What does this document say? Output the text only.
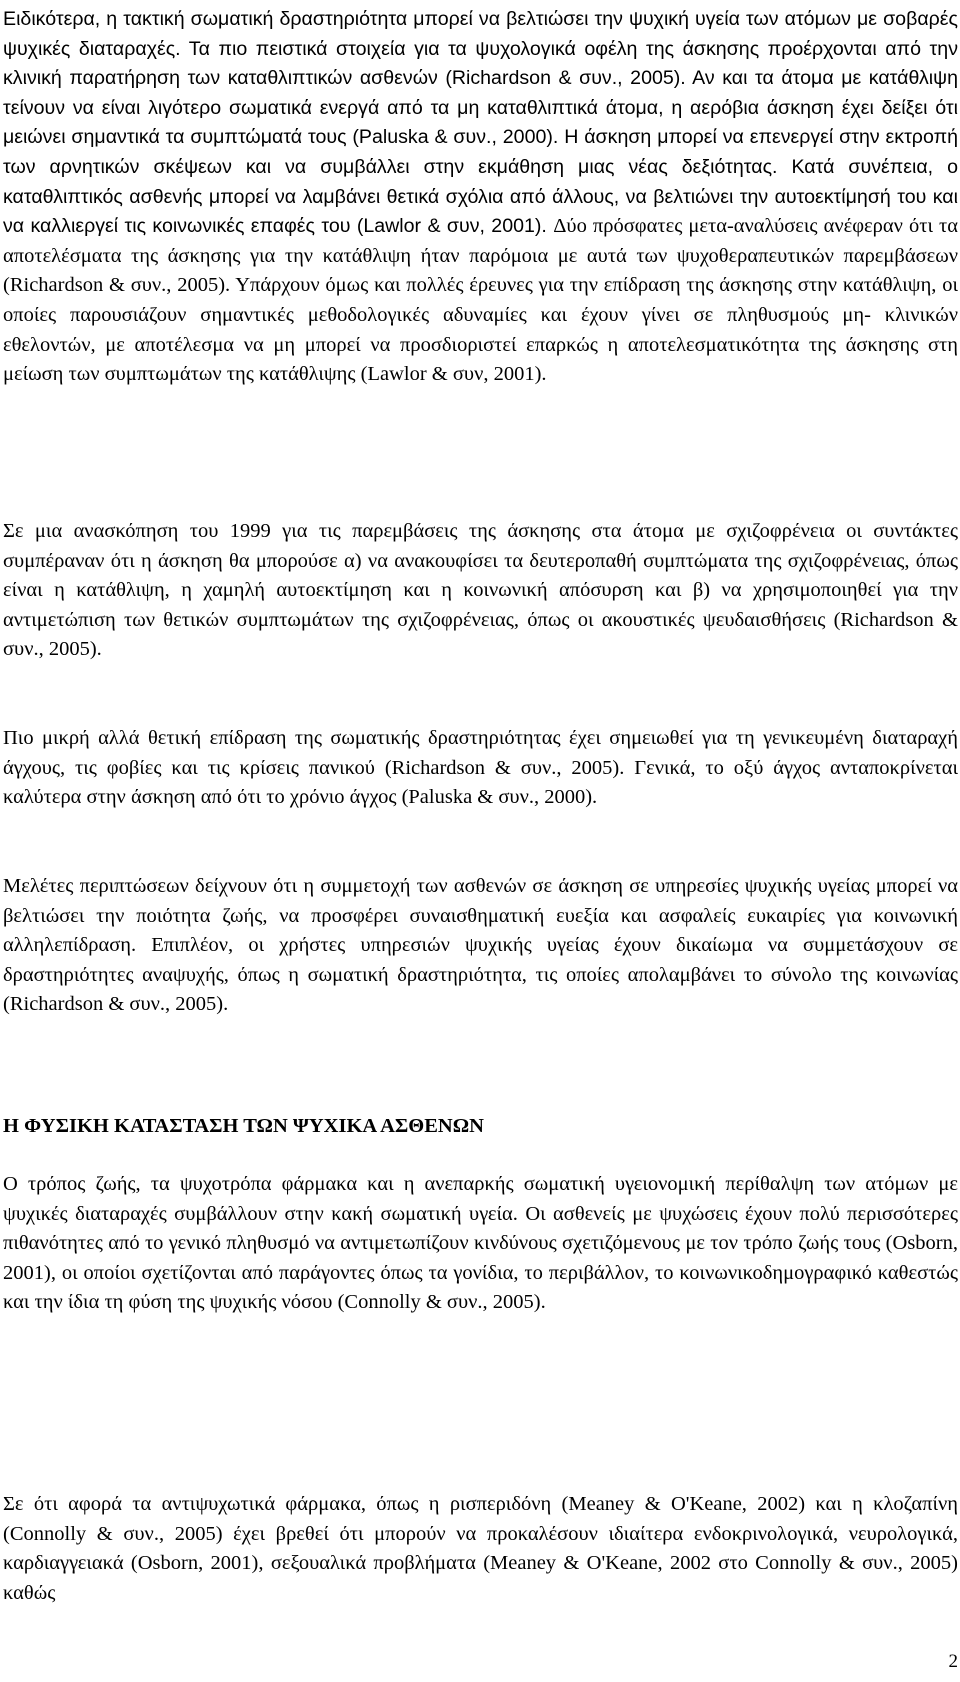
Ειδικότερα, η τακτική σωματική δραστηριότητα μπορεί να βελτιώσει την ψυχική υγεία των ατόμων με σοβαρές ψυχικές διαταραχές. Τα πιο πειστικά στοιχεία για τα ψυχολογικά οφέλη της άσκησης προέρχονται από την κλινική παρατήρηση των καταθλιπτικών ασθενών (Richardson & συν., 2005). Αν και τα άτομα με κατάθλιψη τείνουν να είναι λιγότερο σωματικά ενεργά από τα μη καταθλιπτικά άτομα, η αερόβια άσκηση έχει δείξει ότι μειώνει σημαντικά τα συμπτώματά τους (Paluska & συν., 2000). Η άσκηση μπορεί να επενεργεί στην εκτροπή των αρνητικών σκέψεων και να συμβάλλει στην εκμάθηση μιας νέας δεξιότητας. Κατά συνέπεια, ο καταθλιπτικός ασθενής μπορεί να λαμβάνει θετικά σχόλια από άλλους, να βελτιώνει την αυτοεκτίμησή του και να καλλιεργεί τις κοινωνικές επαφές του (Lawlor & συν, 2001). Δύο πρόσφατες μετα-αναλύσεις ανέφεραν ότι τα αποτελέσματα της άσκησης για την κατάθλιψη ήταν παρόμοια με αυτά των ψυχοθεραπευτικών παρεμβάσεων (Richardson & συν., 2005). Υπάρχουν όμως και πολλές έρευνες για την επίδραση της άσκησης στην κατάθλιψη, οι οποίες παρουσιάζουν σημαντικές μεθοδολογικές αδυναμίες και έχουν γίνει σε πληθυσμούς μη- κλινικών εθελοντών, με αποτέλεσμα να μη μπορεί να προσδιοριστεί επαρκώς η αποτελεσματικότητα της άσκησης στη μείωση των συμπτωμάτων της κατάθλιψης (Lawlor & συν, 2001).

Σε μια ανασκόπηση του 1999 για τις παρεμβάσεις της άσκησης στα άτομα με σχιζοφρένεια οι συντάκτες συμπέραναν ότι η άσκηση θα μπορούσε α) να ανακουφίσει τα δευτεροπαθή συμπτώματα της σχιζοφρένειας, όπως είναι η κατάθλιψη, η χαμηλή αυτοεκτίμηση και η κοινωνική απόσυρση και β) να χρησιμοποιηθεί για την αντιμετώπιση των θετικών συμπτωμάτων της σχιζοφρένειας, όπως οι ακουστικές ψευδαισθήσεις (Richardson & συν., 2005).

Πιο μικρή αλλά θετική επίδραση της σωματικής δραστηριότητας έχει σημειωθεί για τη γενικευμένη διαταραχή άγχους, τις φοβίες και τις κρίσεις πανικού (Richardson & συν., 2005). Γενικά, το οξύ άγχος ανταποκρίνεται καλύτερα στην άσκηση από ότι το χρόνιο άγχος (Paluska & συν., 2000).

Μελέτες περιπτώσεων δείχνουν ότι η συμμετοχή των ασθενών σε άσκηση σε υπηρεσίες ψυχικής υγείας μπορεί να βελτιώσει την ποιότητα ζωής, να προσφέρει συναισθηματική ευεξία και ασφαλείς ευκαιρίες για κοινωνική αλληλεπίδραση. Επιπλέον, οι χρήστες υπηρεσιών ψυχικής υγείας έχουν δικαίωμα να συμμετάσχουν σε δραστηριότητες αναψυχής, όπως η σωματική δραστηριότητα, τις οποίες απολαμβάνει το σύνολο της κοινωνίας (Richardson & συν., 2005).

Η ΦΥΣΙΚΗ ΚΑΤΑΣΤΑΣΗ ΤΩΝ ΨΥΧΙΚΑ ΑΣΘΕΝΩΝ

Ο τρόπος ζωής, τα ψυχοτρόπα φάρμακα και η ανεπαρκής σωματική υγειονομική περίθαλψη των ατόμων με ψυχικές διαταραχές συμβάλλουν στην κακή σωματική υγεία. Οι ασθενείς με ψυχώσεις έχουν πολύ περισσότερες πιθανότητες από το γενικό πληθυσμό να αντιμετωπίζουν κινδύνους σχετιζόμενους με τον τρόπο ζωής τους (Osborn, 2001), οι οποίοι σχετίζονται από παράγοντες όπως τα γονίδια, το περιβάλλον, το κοινωνικοδημογραφικό καθεστώς και την ίδια τη φύση της ψυχικής νόσου (Connolly & συν., 2005).

Σε ότι αφορά τα αντιψυχωτικά φάρμακα, όπως η ρισπεριδόνη (Meaney & O'Keane, 2002) και η κλοζαπίνη (Connolly & συν., 2005) έχει βρεθεί ότι μπορούν να προκαλέσουν ιδιαίτερα ενδοκρινολογικά, νευρολογικά, καρδιαγγειακά (Osborn, 2001), σεξουαλικά προβλήματα (Meaney & O'Keane, 2002 στο Connolly & συν., 2005) καθώς

2
